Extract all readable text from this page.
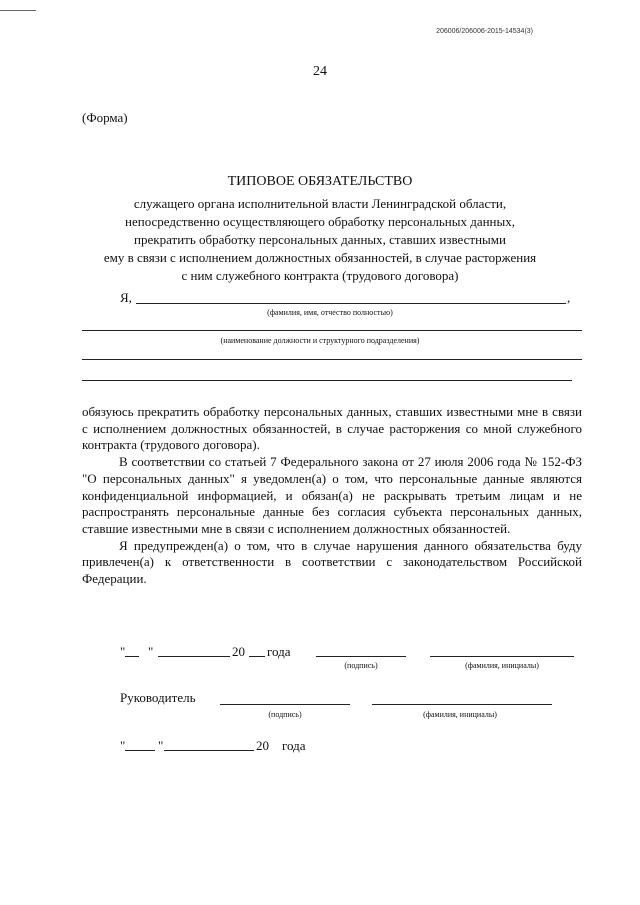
206006/206006-2015-14534(3)
24
(Форма)
ТИПОВОЕ ОБЯЗАТЕЛЬСТВО
служащего органа исполнительной власти Ленинградской области,
непосредственно осуществляющего обработку персональных данных,
прекратить обработку персональных данных, ставших известными
ему в связи с исполнением должностных обязанностей, в случае расторжения
с ним служебного контракта (трудового договора)
Я,	,
(фамилия, имя, отчество полностью)
(наименование должности и структурного подразделения)

обязуюсь прекратить обработку персональных данных, ставших известными мне в связи с исполнением должностных обязанностей, в случае расторжения со мной служебного контракта (трудового договора).

В соответствии со статьей 7 Федерального закона от 27 июля 2006 года № 152-ФЗ "О персональных данных" я уведомлен(а) о том, что персональные данные являются конфиденциальной информацией, и обязан(а) не раскрывать третьим лицам и не распространять персональные данные без согласия субъекта персональных данных, ставшие известными мне в связи с исполнением должностных обязанностей.

Я предупрежден(а) о том, что в случае нарушения данного обязательства буду привлечен(а) к ответственности в соответствии с законодательством Российской Федерации.

" "	20 года
(подпись)	(фамилия, инициалы)
Руководитель
(подпись)	(фамилия, инициалы)
"	"	20 года
